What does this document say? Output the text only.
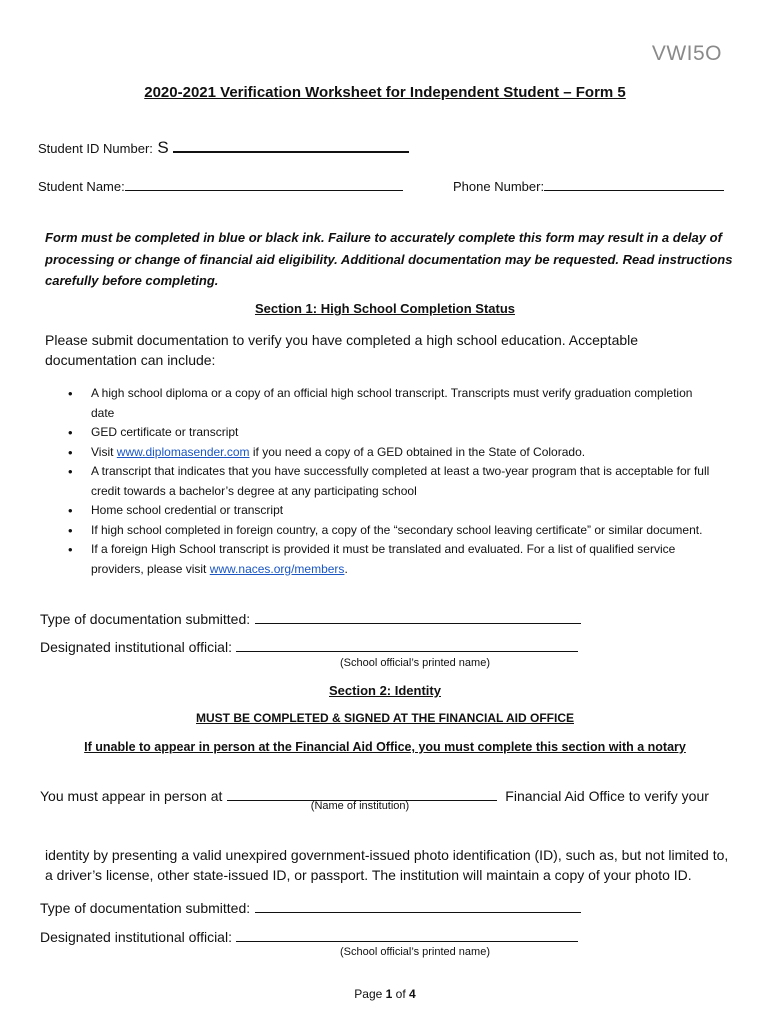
VWI5O
2020-2021 Verification Worksheet for Independent Student – Form 5
Student ID Number: S
Student Name:	Phone Number:
Form must be completed in blue or black ink. Failure to accurately complete this form may result in a delay of processing or change of financial aid eligibility. Additional documentation may be requested. Read instructions carefully before completing.
Section 1: High School Completion Status
Please submit documentation to verify you have completed a high school education. Acceptable documentation can include:
• A high school diploma or a copy of an official high school transcript. Transcripts must verify graduation completion date
• GED certificate or transcript
• Visit www.diplomasender.com if you need a copy of a GED obtained in the State of Colorado.
• A transcript that indicates that you have successfully completed at least a two-year program that is acceptable for full credit towards a bachelor’s degree at any participating school
• Home school credential or transcript
• If high school completed in foreign country, a copy of the “secondary school leaving certificate” or similar document.
• If a foreign High School transcript is provided it must be translated and evaluated. For a list of qualified service providers, please visit www.naces.org/members.
Type of documentation submitted:
Designated institutional official:
(School official’s printed name)
Section 2: Identity
MUST BE COMPLETED & SIGNED AT THE FINANCIAL AID OFFICE
If unable to appear in person at the Financial Aid Office, you must complete this section with a notary
You must appear in person at	Financial Aid Office to verify your
(Name of institution)
identity by presenting a valid unexpired government-issued photo identification (ID), such as, but not limited to, a driver’s license, other state-issued ID, or passport. The institution will maintain a copy of your photo ID.
Type of documentation submitted:
Designated institutional official:
(School official’s printed name)
Page 1 of 4
